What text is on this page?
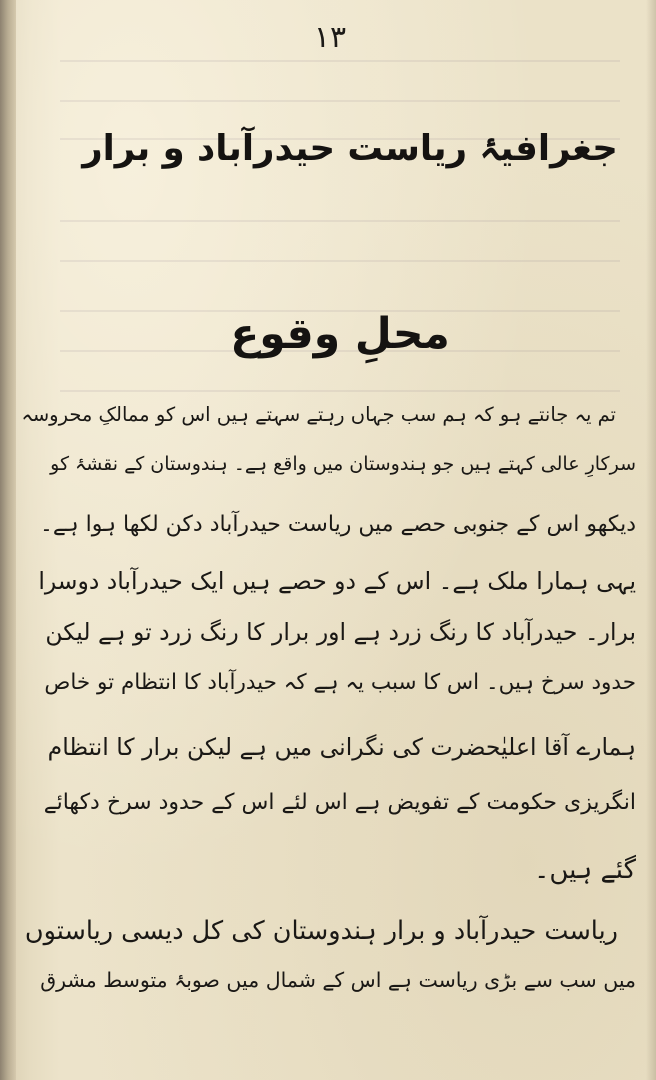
۱۳
جغرافیۂ ریاست حیدرآباد و برار
محلِ وقوع
تم یہ جانتے ہو کہ ہم سب جہاں رہتے سہتے ہیں اس کو ممالکِ محروسہ
سرکارِ عالی کہتے ہیں جو ہندوستان میں واقع ہے۔ ہندوستان کے نقشۂ کو
دیکھو اس کے جنوبی حصے میں ریاست حیدرآباد دکن لکھا ہوا ہے۔
یہی ہمارا ملک ہے۔ اس کے دو حصے ہیں ایک حیدرآباد دوسرا
برار۔ حیدرآباد کا رنگ زرد ہے اور برار کا رنگ زرد تو ہے لیکن
حدود سرخ ہیں۔ اس کا سبب یہ ہے کہ حیدرآباد کا انتظام تو خاص
ہمارے آقا اعلیٰحضرت کی نگرانی میں ہے لیکن برار کا انتظام
انگریزی حکومت کے تفویض ہے اس لئے اس کے حدود سرخ دکھائے
گئے ہیں۔
ریاست حیدرآباد و برار ہندوستان کی کل دیسی ریاستوں
میں سب سے بڑی ریاست ہے اس کے شمال میں صوبۂ متوسط مشرق
